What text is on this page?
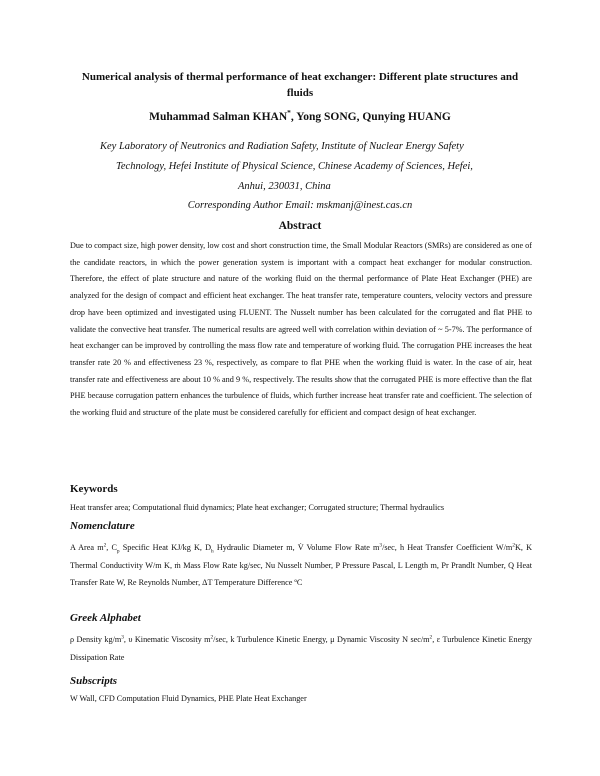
Numerical analysis of thermal performance of heat exchanger: Different plate structures and fluids
Muhammad Salman KHAN*, Yong SONG, Qunying HUANG
Key Laboratory of Neutronics and Radiation Safety, Institute of Nuclear Energy Safety
Technology, Hefei Institute of Physical Science, Chinese Academy of Sciences, Hefei,
Anhui, 230031, China
Corresponding Author Email: mskmanj@inest.cas.cn
Abstract

Due to compact size, high power density, low cost and short construction time, the Small Modular Reactors (SMRs) are considered as one of the candidate reactors, in which the power generation system is important with a compact heat exchanger for modular construction. Therefore, the effect of plate structure and nature of the working fluid on the thermal performance of Plate Heat Exchanger (PHE) are analyzed for the design of compact and efficient heat exchanger. The heat transfer rate, temperature counters, velocity vectors and pressure drop have been optimized and investigated using FLUENT. The Nusselt number has been calculated for the corrugated and flat PHE to validate the convective heat transfer. The numerical results are agreed well with correlation within deviation of ~ 5-7%. The performance of heat exchanger can be improved by controlling the mass flow rate and temperature of working fluid. The corrugation PHE increases the heat transfer rate 20 % and effectiveness 23 %, respectively, as compare to flat PHE when the working fluid is water. In the case of air, heat transfer rate and effectiveness are about 10 % and 9 %, respectively. The results show that the corrugated PHE is more effective than the flat PHE because corrugation pattern enhances the turbulence of fluids, which further increase heat transfer rate and coefficient. The selection of the working fluid and structure of the plate must be considered carefully for efficient and compact design of heat exchanger.

Keywords
Heat transfer area; Computational fluid dynamics; Plate heat exchanger; Corrugated structure; Thermal hydraulics
Nomenclature

A Area $m^2$, $C_p$ Specific Heat KJ/kg K, $D_h$ Hydraulic Diameter m, V̇ Volume Flow Rate $m^3/\sec$, h Heat Transfer Coefficient $W/m^2K$, K Thermal Conductivity W/m K, ṁ Mass Flow Rate kg/sec, Nu Nusselt Number, P Pressure Pascal, L Length m, Pr Prandlt Number, Q Heat Transfer Rate W, Re Reynolds Number, ΔT Temperature Difference ºC

Greek Alphabet

ρ Density $kg/m^3$, υ Kinematic Viscosity $m^2/\sec$, k Turbulence Kinetic Energy, μ Dynamic Viscosity N $\sec/m^2$, ε Turbulence Kinetic Energy Dissipation Rate

Subscripts
W Wall, CFD Computation Fluid Dynamics, PHE Plate Heat Exchanger
